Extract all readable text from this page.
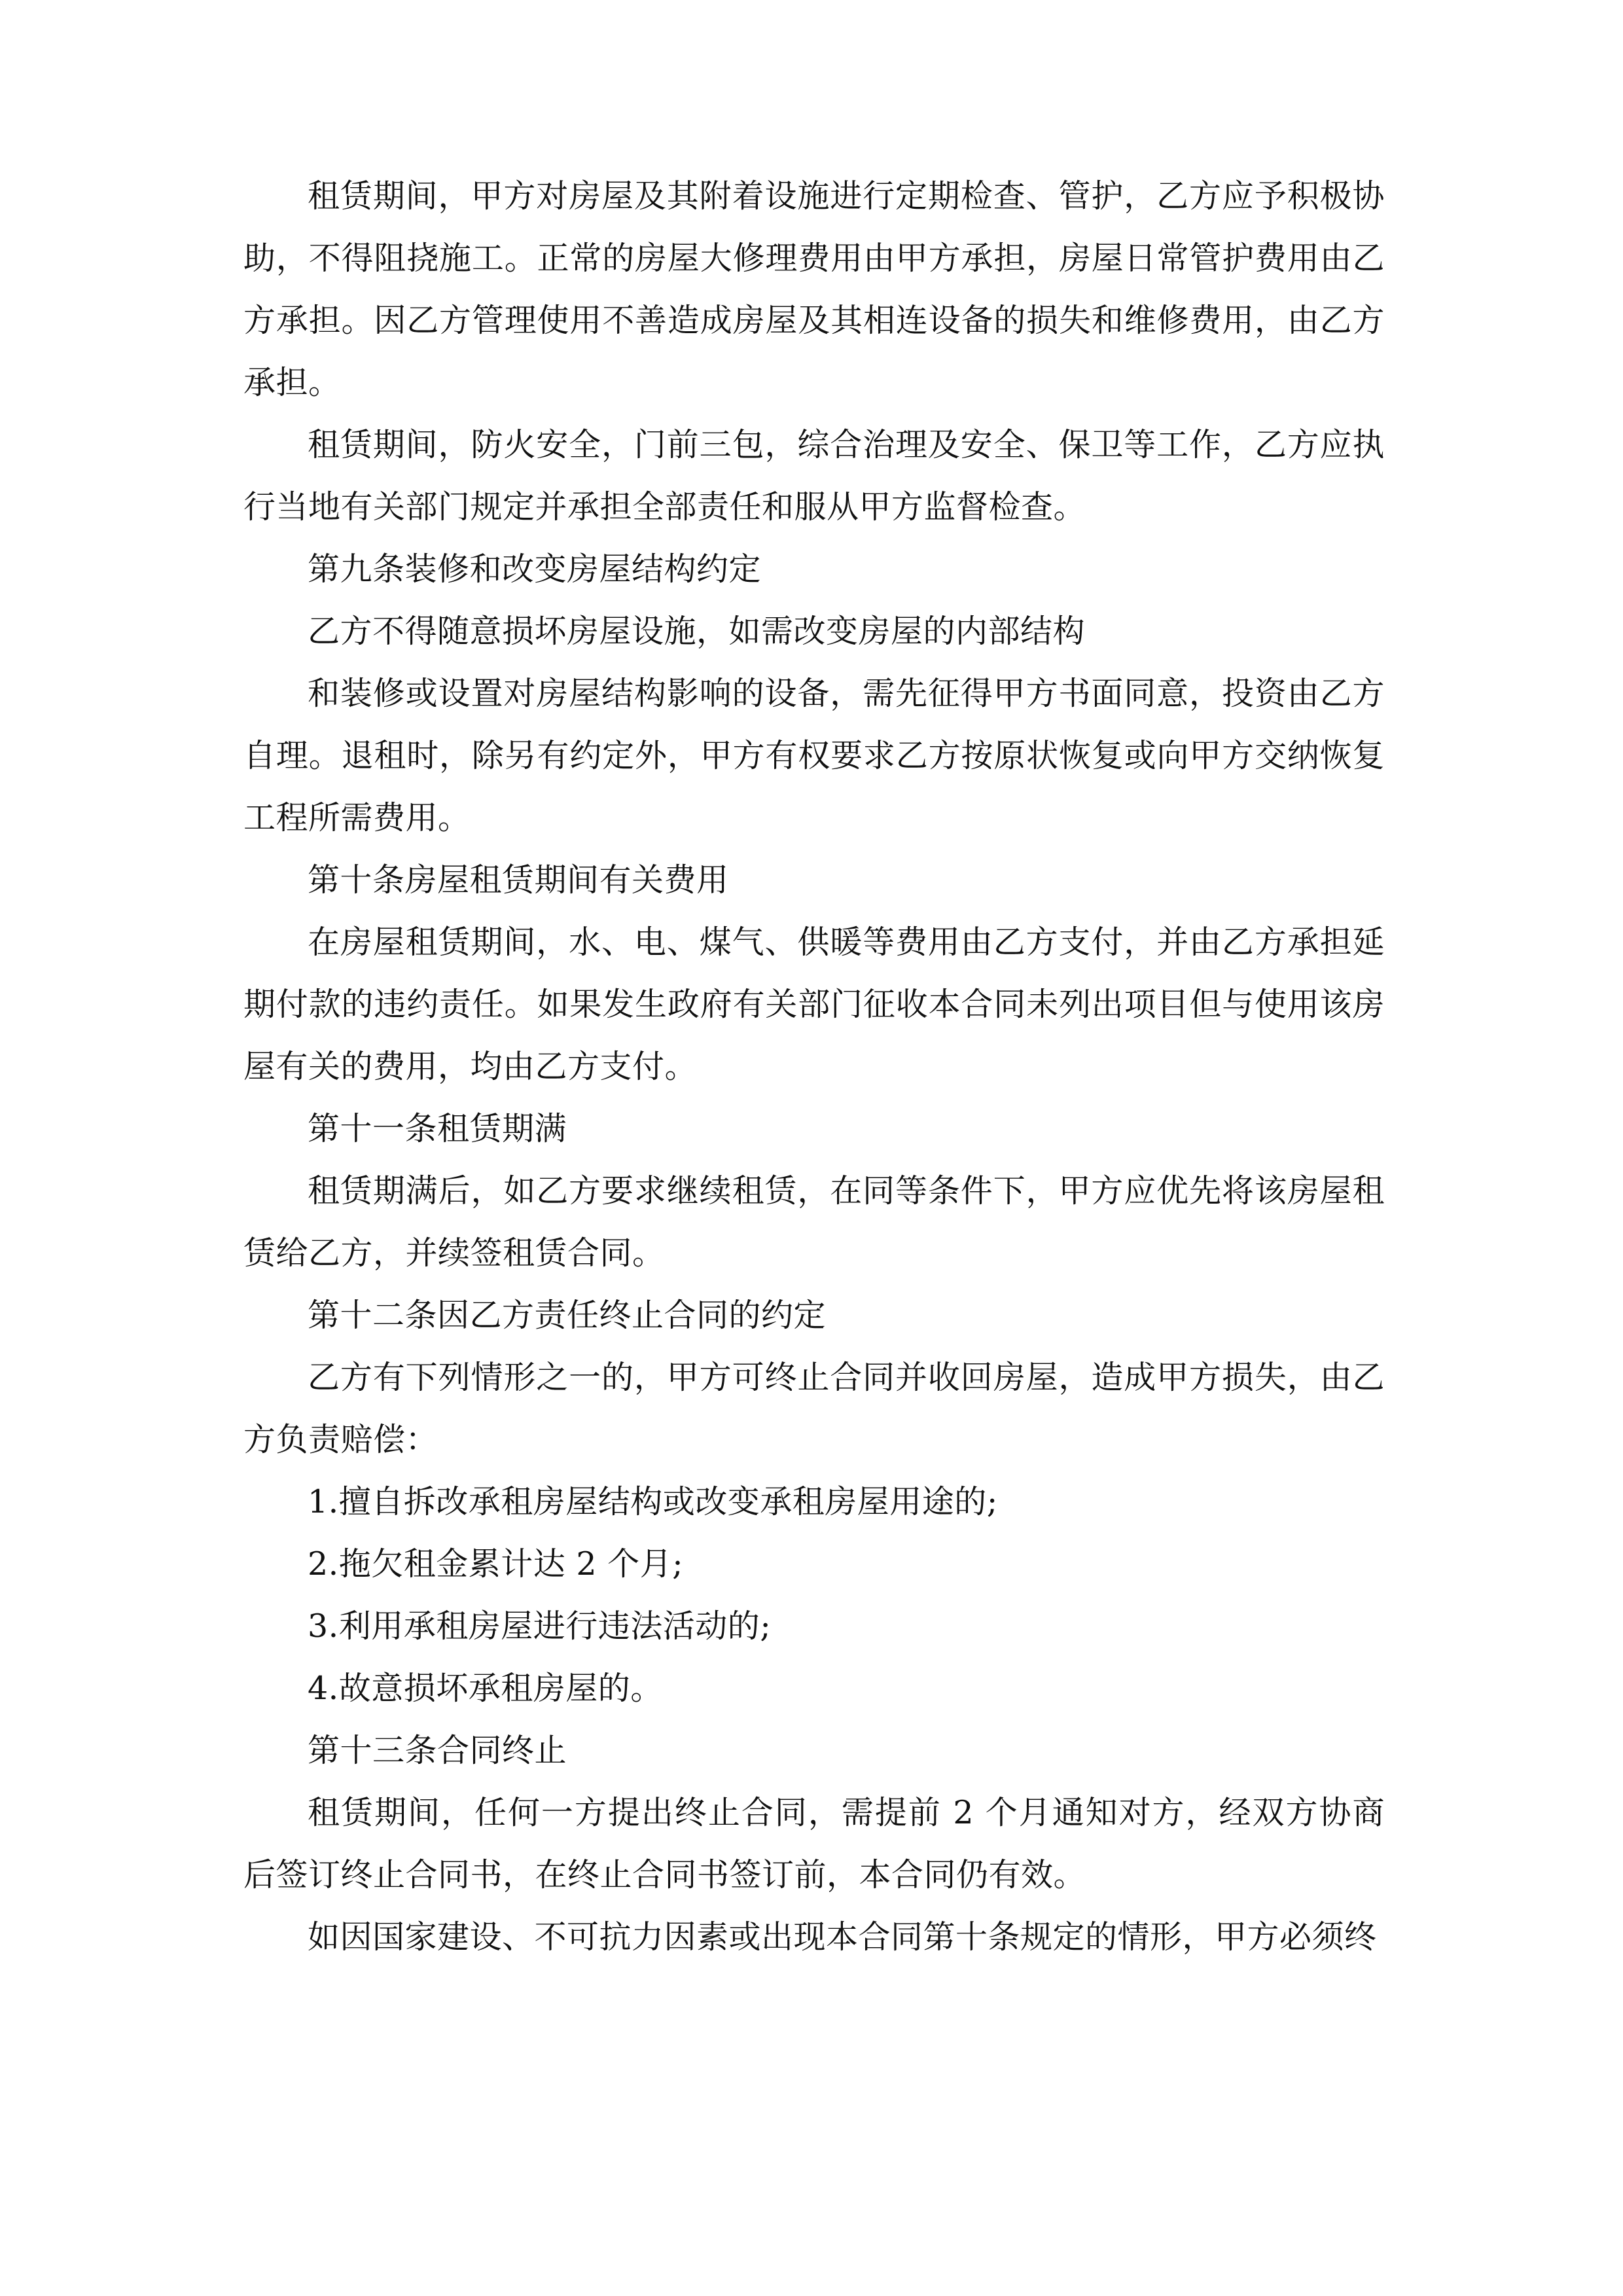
租赁期间，甲方对房屋及其附着设施进行定期检查、管护，乙方应予积极协助，不得阻挠施工。正常的房屋大修理费用由甲方承担，房屋日常管护费用由乙方承担。因乙方管理使用不善造成房屋及其相连设备的损失和维修费用，由乙方承担。

租赁期间，防火安全，门前三包，综合治理及安全、保卫等工作，乙方应执行当地有关部门规定并承担全部责任和服从甲方监督检查。

第九条装修和改变房屋结构约定

乙方不得随意损坏房屋设施，如需改变房屋的内部结构

和装修或设置对房屋结构影响的设备，需先征得甲方书面同意，投资由乙方自理。退租时，除另有约定外，甲方有权要求乙方按原状恢复或向甲方交纳恢复工程所需费用。

第十条房屋租赁期间有关费用

在房屋租赁期间，水、电、煤气、供暖等费用由乙方支付，并由乙方承担延期付款的违约责任。如果发生政府有关部门征收本合同未列出项目但与使用该房屋有关的费用，均由乙方支付。

第十一条租赁期满

租赁期满后，如乙方要求继续租赁，在同等条件下，甲方应优先将该房屋租赁给乙方，并续签租赁合同。

第十二条因乙方责任终止合同的约定

乙方有下列情形之一的，甲方可终止合同并收回房屋，造成甲方损失，由乙方负责赔偿：

1.擅自拆改承租房屋结构或改变承租房屋用途的;

2.拖欠租金累计达 2 个月;

3.利用承租房屋进行违法活动的;

4.故意损坏承租房屋的。

第十三条合同终止

租赁期间，任何一方提出终止合同，需提前 2 个月通知对方，经双方协商后签订终止合同书，在终止合同书签订前，本合同仍有效。

如因国家建设、不可抗力因素或出现本合同第十条规定的情形，甲方必须终
